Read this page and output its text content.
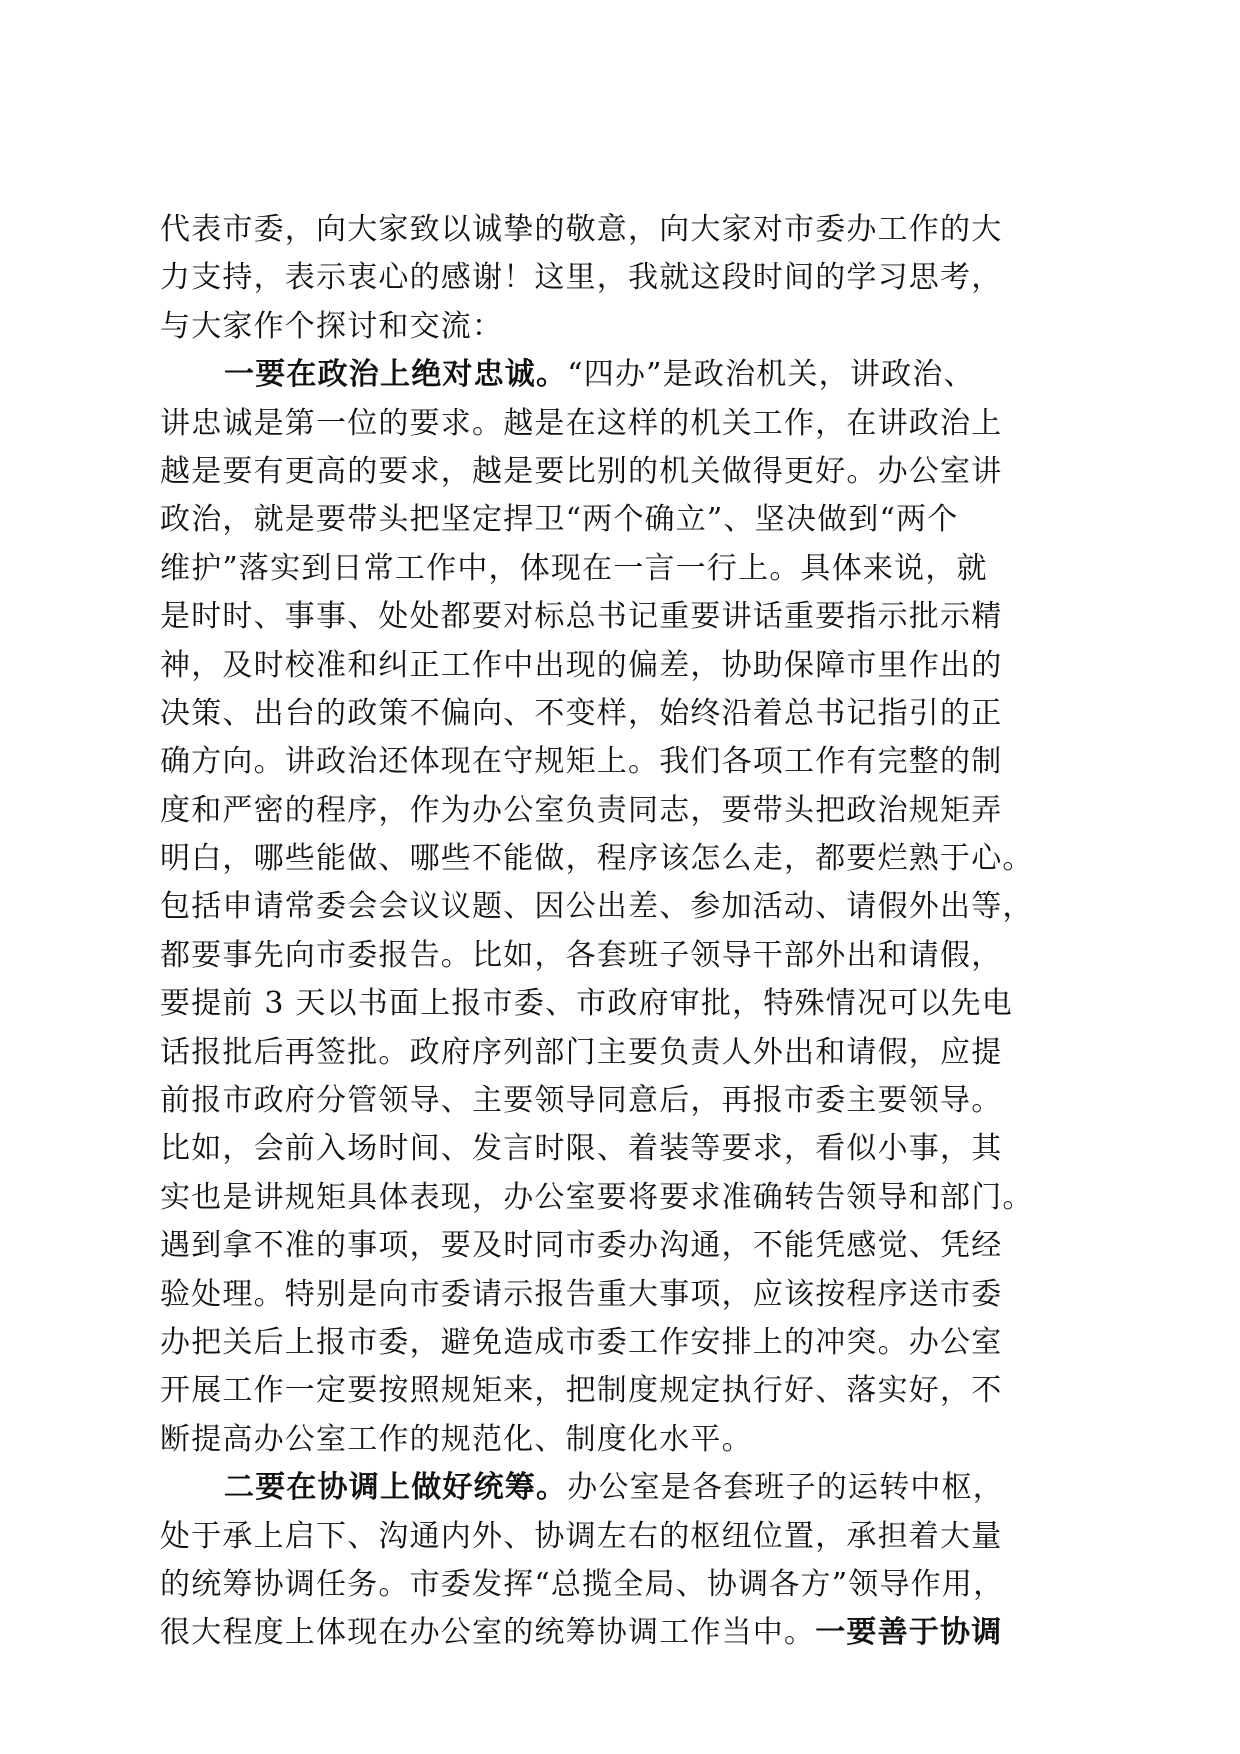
代表市委，向大家致以诚挚的敬意，向大家对市委办工作的大
力支持，表示衷心的感谢！这里，我就这段时间的学习思考，
与大家作个探讨和交流：
一要在政治上绝对忠诚。“四办”是政治机关，讲政治、
讲忠诚是第一位的要求。越是在这样的机关工作，在讲政治上
越是要有更高的要求，越是要比别的机关做得更好。办公室讲
政治，就是要带头把坚定捍卫“两个确立”、坚决做到“两个
维护”落实到日常工作中，体现在一言一行上。具体来说，就
是时时、事事、处处都要对标总书记重要讲话重要指示批示精
神，及时校准和纠正工作中出现的偏差，协助保障市里作出的
决策、出台的政策不偏向、不变样，始终沿着总书记指引的正
确方向。讲政治还体现在守规矩上。我们各项工作有完整的制
度和严密的程序，作为办公室负责同志，要带头把政治规矩弄
明白，哪些能做、哪些不能做，程序该怎么走，都要烂熟于心。
包括申请常委会会议议题、因公出差、参加活动、请假外出等，
都要事先向市委报告。比如，各套班子领导干部外出和请假，
要提前 3 天以书面上报市委、市政府审批，特殊情况可以先电
话报批后再签批。政府序列部门主要负责人外出和请假，应提
前报市政府分管领导、主要领导同意后，再报市委主要领导。
比如，会前入场时间、发言时限、着装等要求，看似小事，其
实也是讲规矩具体表现，办公室要将要求准确转告领导和部门。
遇到拿不准的事项，要及时同市委办沟通，不能凭感觉、凭经
验处理。特别是向市委请示报告重大事项，应该按程序送市委
办把关后上报市委，避免造成市委工作安排上的冲突。办公室
开展工作一定要按照规矩来，把制度规定执行好、落实好，不
断提高办公室工作的规范化、制度化水平。
二要在协调上做好统筹。办公室是各套班子的运转中枢，
处于承上启下、沟通内外、协调左右的枢纽位置，承担着大量
的统筹协调任务。市委发挥“总揽全局、协调各方”领导作用，
很大程度上体现在办公室的统筹协调工作当中。一要善于协调
